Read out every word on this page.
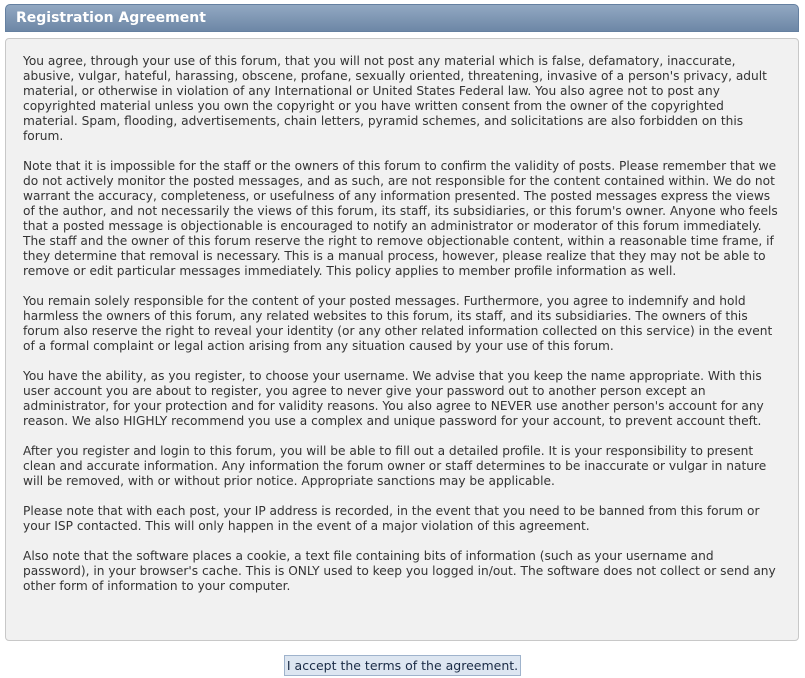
Registration Agreement

You agree, through your use of this forum, that you will not post any material which is false, defamatory, inaccurate, abusive, vulgar, hateful, harassing, obscene, profane, sexually oriented, threatening, invasive of a person's privacy, adult material, or otherwise in violation of any International or United States Federal law. You also agree not to post any copyrighted material unless you own the copyright or you have written consent from the owner of the copyrighted material. Spam, flooding, advertisements, chain letters, pyramid schemes, and solicitations are also forbidden on this forum.

Note that it is impossible for the staff or the owners of this forum to confirm the validity of posts. Please remember that we do not actively monitor the posted messages, and as such, are not responsible for the content contained within. We do not warrant the accuracy, completeness, or usefulness of any information presented. The posted messages express the views of the author, and not necessarily the views of this forum, its staff, its subsidiaries, or this forum's owner. Anyone who feels that a posted message is objectionable is encouraged to notify an administrator or moderator of this forum immediately. The staff and the owner of this forum reserve the right to remove objectionable content, within a reasonable time frame, if they determine that removal is necessary. This is a manual process, however, please realize that they may not be able to remove or edit particular messages immediately. This policy applies to member profile information as well.

You remain solely responsible for the content of your posted messages. Furthermore, you agree to indemnify and hold harmless the owners of this forum, any related websites to this forum, its staff, and its subsidiaries. The owners of this forum also reserve the right to reveal your identity (or any other related information collected on this service) in the event of a formal complaint or legal action arising from any situation caused by your use of this forum.

You have the ability, as you register, to choose your username. We advise that you keep the name appropriate. With this user account you are about to register, you agree to never give your password out to another person except an administrator, for your protection and for validity reasons. You also agree to NEVER use another person's account for any reason. We also HIGHLY recommend you use a complex and unique password for your account, to prevent account theft.

After you register and login to this forum, you will be able to fill out a detailed profile. It is your responsibility to present clean and accurate information. Any information the forum owner or staff determines to be inaccurate or vulgar in nature will be removed, with or without prior notice. Appropriate sanctions may be applicable.

Please note that with each post, your IP address is recorded, in the event that you need to be banned from this forum or your ISP contacted. This will only happen in the event of a major violation of this agreement.

Also note that the software places a cookie, a text file containing bits of information (such as your username and password), in your browser's cache. This is ONLY used to keep you logged in/out. The software does not collect or send any other form of information to your computer.

I accept the terms of the agreement.
